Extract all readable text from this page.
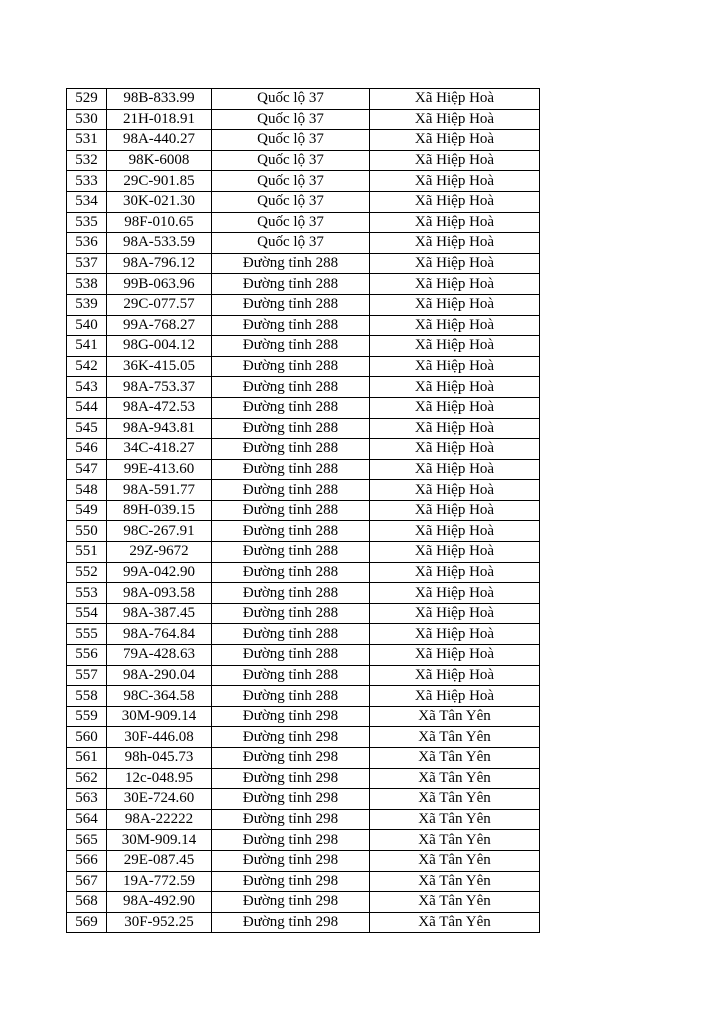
529	98B-833.99	Quốc lộ 37	Xã Hiệp Hoà
530	21H-018.91	Quốc lộ 37	Xã Hiệp Hoà
531	98A-440.27	Quốc lộ 37	Xã Hiệp Hoà
532	98K-6008	Quốc lộ 37	Xã Hiệp Hoà
533	29C-901.85	Quốc lộ 37	Xã Hiệp Hoà
534	30K-021.30	Quốc lộ 37	Xã Hiệp Hoà
535	98F-010.65	Quốc lộ 37	Xã Hiệp Hoà
536	98A-533.59	Quốc lộ 37	Xã Hiệp Hoà
537	98A-796.12	Đường tỉnh 288	Xã Hiệp Hoà
538	99B-063.96	Đường tỉnh 288	Xã Hiệp Hoà
539	29C-077.57	Đường tỉnh 288	Xã Hiệp Hoà
540	99A-768.27	Đường tỉnh 288	Xã Hiệp Hoà
541	98G-004.12	Đường tỉnh 288	Xã Hiệp Hoà
542	36K-415.05	Đường tỉnh 288	Xã Hiệp Hoà
543	98A-753.37	Đường tỉnh 288	Xã Hiệp Hoà
544	98A-472.53	Đường tỉnh 288	Xã Hiệp Hoà
545	98A-943.81	Đường tỉnh 288	Xã Hiệp Hoà
546	34C-418.27	Đường tỉnh 288	Xã Hiệp Hoà
547	99E-413.60	Đường tỉnh 288	Xã Hiệp Hoà
548	98A-591.77	Đường tỉnh 288	Xã Hiệp Hoà
549	89H-039.15	Đường tỉnh 288	Xã Hiệp Hoà
550	98C-267.91	Đường tỉnh 288	Xã Hiệp Hoà
551	29Z-9672	Đường tỉnh 288	Xã Hiệp Hoà
552	99A-042.90	Đường tỉnh 288	Xã Hiệp Hoà
553	98A-093.58	Đường tỉnh 288	Xã Hiệp Hoà
554	98A-387.45	Đường tỉnh 288	Xã Hiệp Hoà
555	98A-764.84	Đường tỉnh 288	Xã Hiệp Hoà
556	79A-428.63	Đường tỉnh 288	Xã Hiệp Hoà
557	98A-290.04	Đường tỉnh 288	Xã Hiệp Hoà
558	98C-364.58	Đường tỉnh 288	Xã Hiệp Hoà
559	30M-909.14	Đường tỉnh 298	Xã Tân Yên
560	30F-446.08	Đường tỉnh 298	Xã Tân Yên
561	98h-045.73	Đường tỉnh 298	Xã Tân Yên
562	12c-048.95	Đường tỉnh 298	Xã Tân Yên
563	30E-724.60	Đường tỉnh 298	Xã Tân Yên
564	98A-22222	Đường tỉnh 298	Xã Tân Yên
565	30M-909.14	Đường tỉnh 298	Xã Tân Yên
566	29E-087.45	Đường tỉnh 298	Xã Tân Yên
567	19A-772.59	Đường tỉnh 298	Xã Tân Yên
568	98A-492.90	Đường tỉnh 298	Xã Tân Yên
569	30F-952.25	Đường tỉnh 298	Xã Tân Yên
